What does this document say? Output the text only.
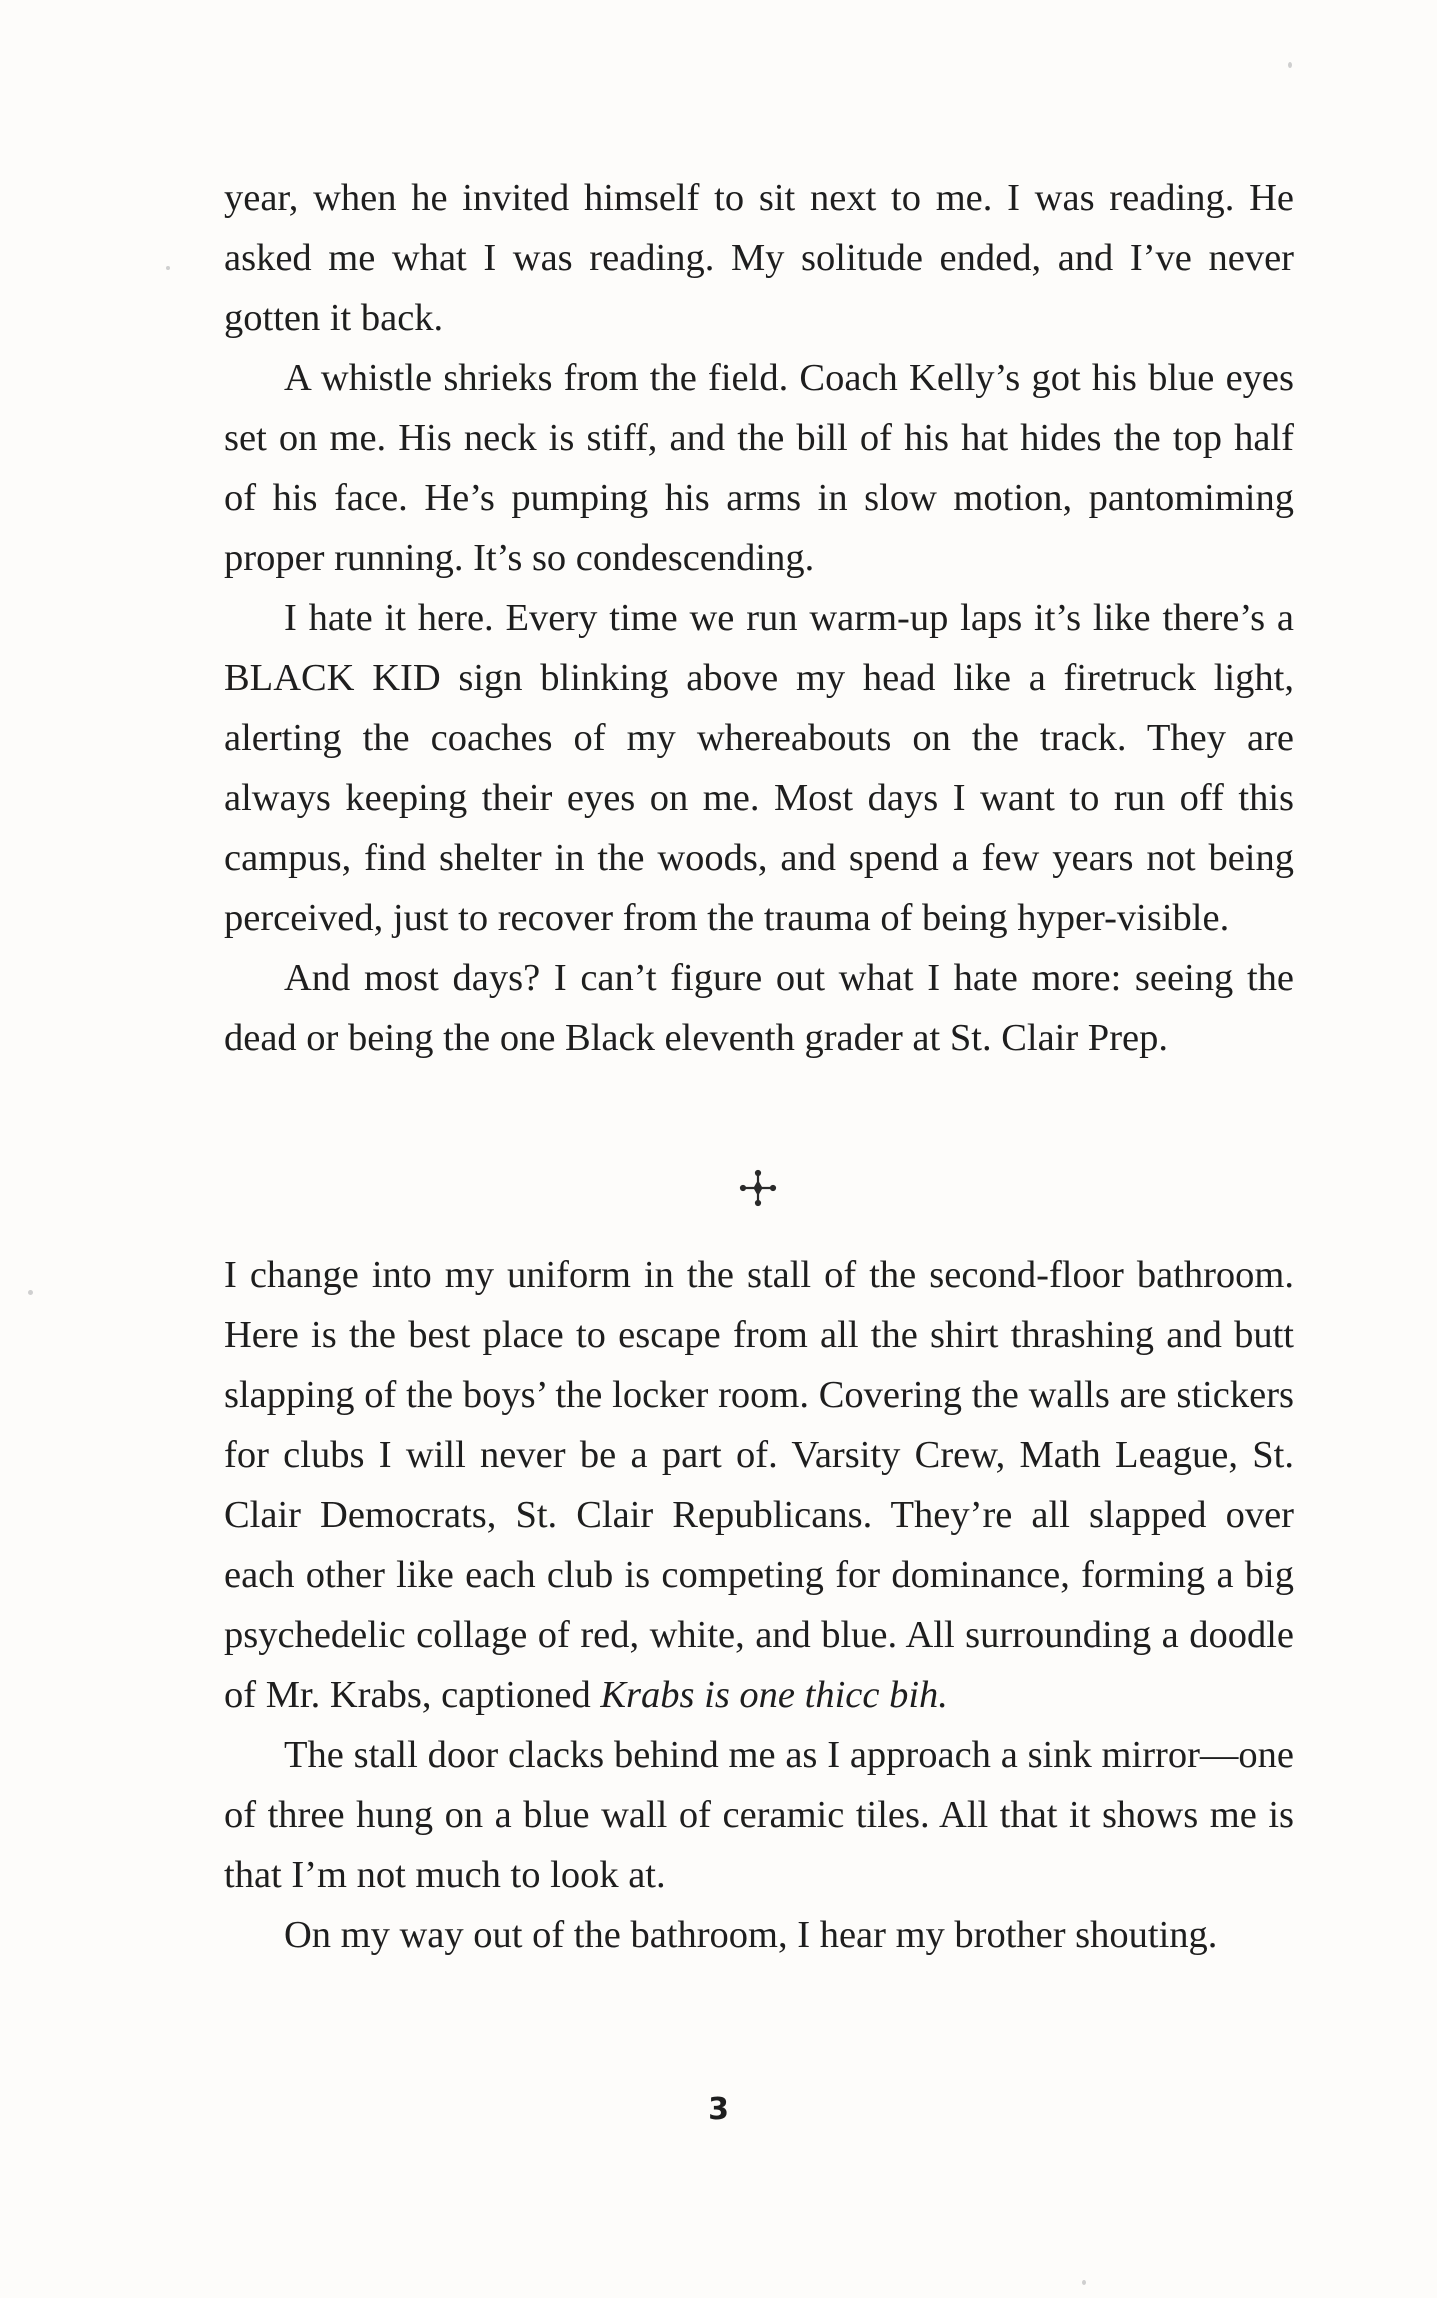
year, when he invited himself to sit next to me. I was reading. He asked me what I was reading. My solitude ended, and I’ve never gotten it back.

A whistle shrieks from the field. Coach Kelly’s got his blue eyes set on me. His neck is stiff, and the bill of his hat hides the top half of his face. He’s pumping his arms in slow motion, pantomiming proper running. It’s so condescending.

I hate it here. Every time we run warm-up laps it’s like there’s a BLACK KID sign blinking above my head like a firetruck light, alerting the coaches of my whereabouts on the track. They are always keeping their eyes on me. Most days I want to run off this campus, find shelter in the woods, and spend a few years not being perceived, just to recover from the trauma of being hyper-visible.

And most days? I can’t figure out what I hate more: seeing the dead or being the one Black eleventh grader at St. Clair Prep.

I change into my uniform in the stall of the second-floor bathroom. Here is the best place to escape from all the shirt thrashing and butt slapping of the boys’ the locker room. Covering the walls are stickers for clubs I will never be a part of. Varsity Crew, Math League, St. Clair Democrats, St. Clair Republicans. They’re all slapped over each other like each club is competing for dominance, forming a big psychedelic collage of red, white, and blue. All surrounding a doodle of Mr. Krabs, captioned Krabs is one thicc bih.

The stall door clacks behind me as I approach a sink mirror—one of three hung on a blue wall of ceramic tiles. All that it shows me is that I’m not much to look at.

On my way out of the bathroom, I hear my brother shouting.

3
